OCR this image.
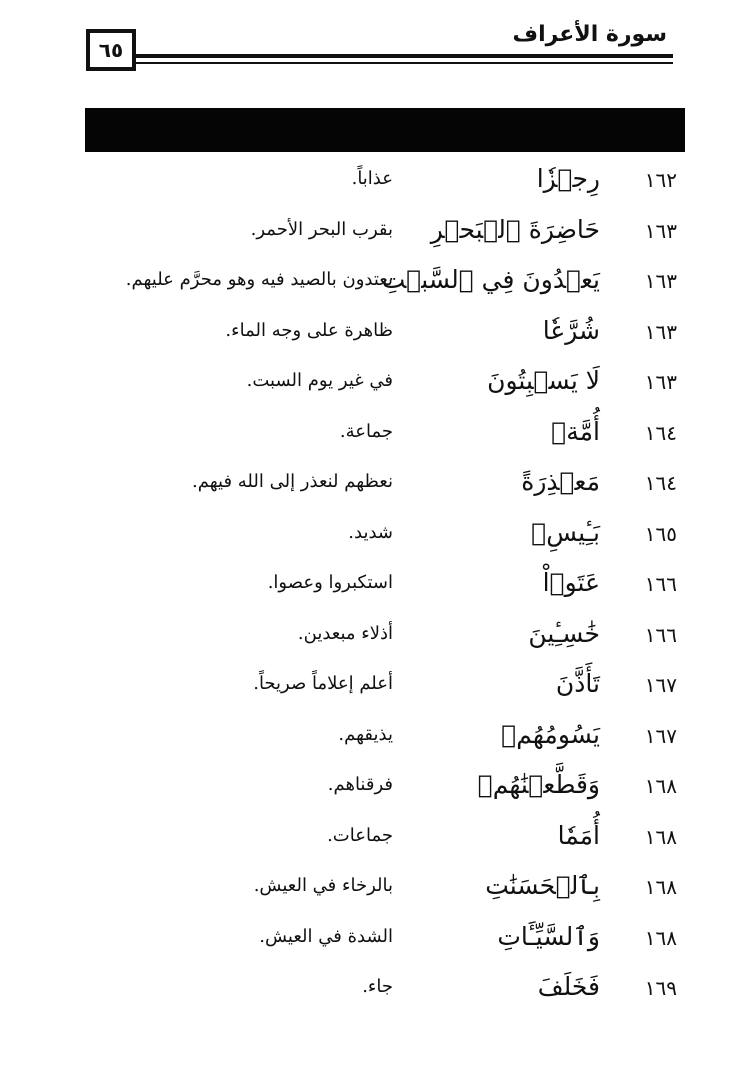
سورة الأعراف
٦٥
١٦٢
رِجۡزٗا
عذاباً.
١٦٣
حَاضِرَةَ ٱلۡبَحۡرِ
بقرب البحر الأحمر.
١٦٣
يَعۡدُونَ فِي ٱلسَّبۡتِ
يعتدون بالصيد فيه وهو محرَّم عليهم.
١٦٣
شُرَّعٗا
ظاهرة على وجه الماء.
١٦٣
لَا يَسۡبِتُونَ
في غير يوم السبت.
١٦٤
أُمَّةٞ
جماعة.
١٦٤
مَعۡذِرَةً
نعظهم لنعذر إلى الله فيهم.
١٦٥
بَـِٔيسِۭ
شديد.
١٦٦
عَتَوۡاْ
استكبروا وعصوا.
١٦٦
خَٰسِـِٔينَ
أذلاء مبعدين.
١٦٧
تَأَذَّنَ
أعلم إعلاماً صريحاً.
١٦٧
يَسُومُهُمۡ
يذيقهم.
١٦٨
وَقَطَّعۡنَٰهُمۡ
فرقناهم.
١٦٨
أُمَمٗا
جماعات.
١٦٨
بِٱلۡحَسَنَٰتِ
بالرخاء في العيش.
١٦٨
وَٱلسَّيِّـَٔاتِ
الشدة في العيش.
١٦٩
فَخَلَفَ
جاء.
